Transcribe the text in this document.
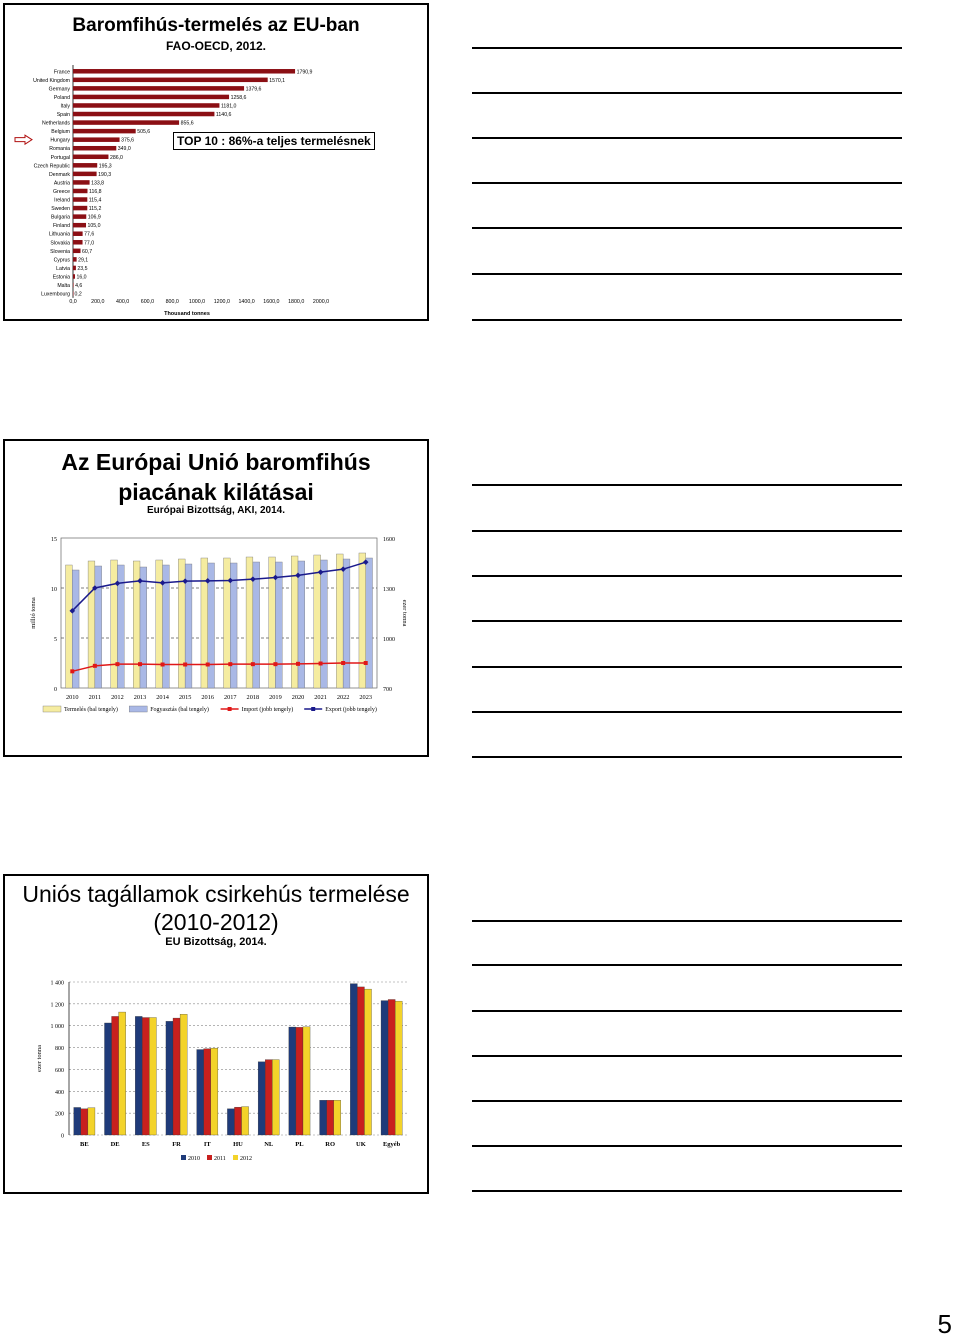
Baromfihús-termelés az EU-ban
FAO-OECD, 2012.
France	1790,9
United Kingdom	1570,1
Germany	1379,6
Poland	1258,6
Italy	1181,0
Spain	1140,6
Netherlands	855,6
Belgium	505,6
Hungary	375,6
Romania	349,0
Portugal	286,0
Czech Republic	195,3
Denmark	190,3
Austria	133,8
Greece	116,8
Ireland	115,4
Sweden	115,2
Bulgaria	106,9
Finland	105,0
Lithuania	77,6
Slovakia	77,0
Slovenia 60,7
Cyprus 29,1
Latvia 23,5
Estonia 16,0
Malta 4,6
Luxembourg 0,2
0,0	200,0 400,0 600,0 800,0 1000,0 1200,0 1400,0 1600,0 1800,0 2000,0
Thousand tonnes
TOP 10 : 86%-a teljes termelésnek
Az Európai Unió baromfihús
piacának kilátásai
Európai Bizottság, AKI, 2014.
0
5
10
15
700
1000
1300
1600
millió tonna	ezer tonna
2010 2011 2012 2013 2014 2015 2016 2017 2018 2019 2020 2021 2022 2023
Termelés (bal tengely)	Fogyasztás (bal tengely)	Import (jobb tengely)	Export (jobb tengely)
Uniós tagállamok csirkehús termelése
(2010-2012)
EU Bizottság, 2014.
0
200
400
600
800
1 000
1 200
1 400
ezer tonna
BE	DE	ES	FR	IT	HU	NL	PL	RO	UK	Egyéb
2010 2011 2012
5
